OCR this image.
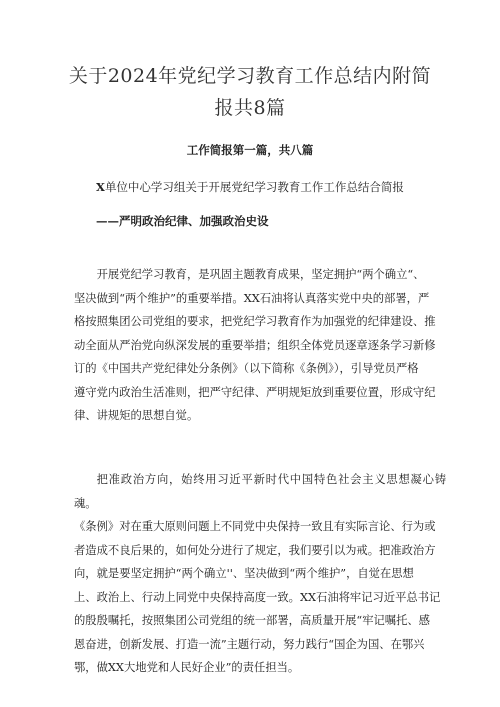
关于2024年党纪学习教育工作总结内附简
报共8篇
工作简报第一篇，共八篇
X单位中心学习组关于开展党纪学习教育工作工作总结合简报
——严明政治纪律、加强政治史设

开展党纪学习教育，是巩固主题教育成果，坚定拥护“两个确立“、

坚决做到“两个维护”的重要举措。XX石油将认真落实党中央的部署，严

格按照集团公司党组的要求，把党纪学习教育作为加强党的纪律建设、推

动全面从严治党向纵深发展的重要举措；组织全体党员逐章逐条学习新修

订的《中国共产党纪律处分条例》（以下简称《条例》），引导党员严格

遵守党内政治生活准则，把严守纪律、严明规矩放到重要位置，形成守纪

律、讲规矩的思想自觉。

把准政治方向，始终用习近平新时代中国特色社会主义思想凝心铸魂。

《条例》对在重大原则问题上不同党中央保持一致且有实际言论、行为或

者造成不良后果的，如何处分进行了规定，我们要引以为戒。把准政治方

向，就是要坚定拥护“两个确立''、坚决做到“两个维护”，自觉在思想

上、政治上、行动上同党中央保持高度一致。XX石油将牢记习近平总书记

的殷殷嘱托，按照集团公司党组的统一部署，高质量开展“牢记嘱托、感

恩奋进，创新发展、打造一流”主题行动，努力践行“国企为国、在鄂兴

鄂，做XX大地党和人民好企业”的责任担当。
